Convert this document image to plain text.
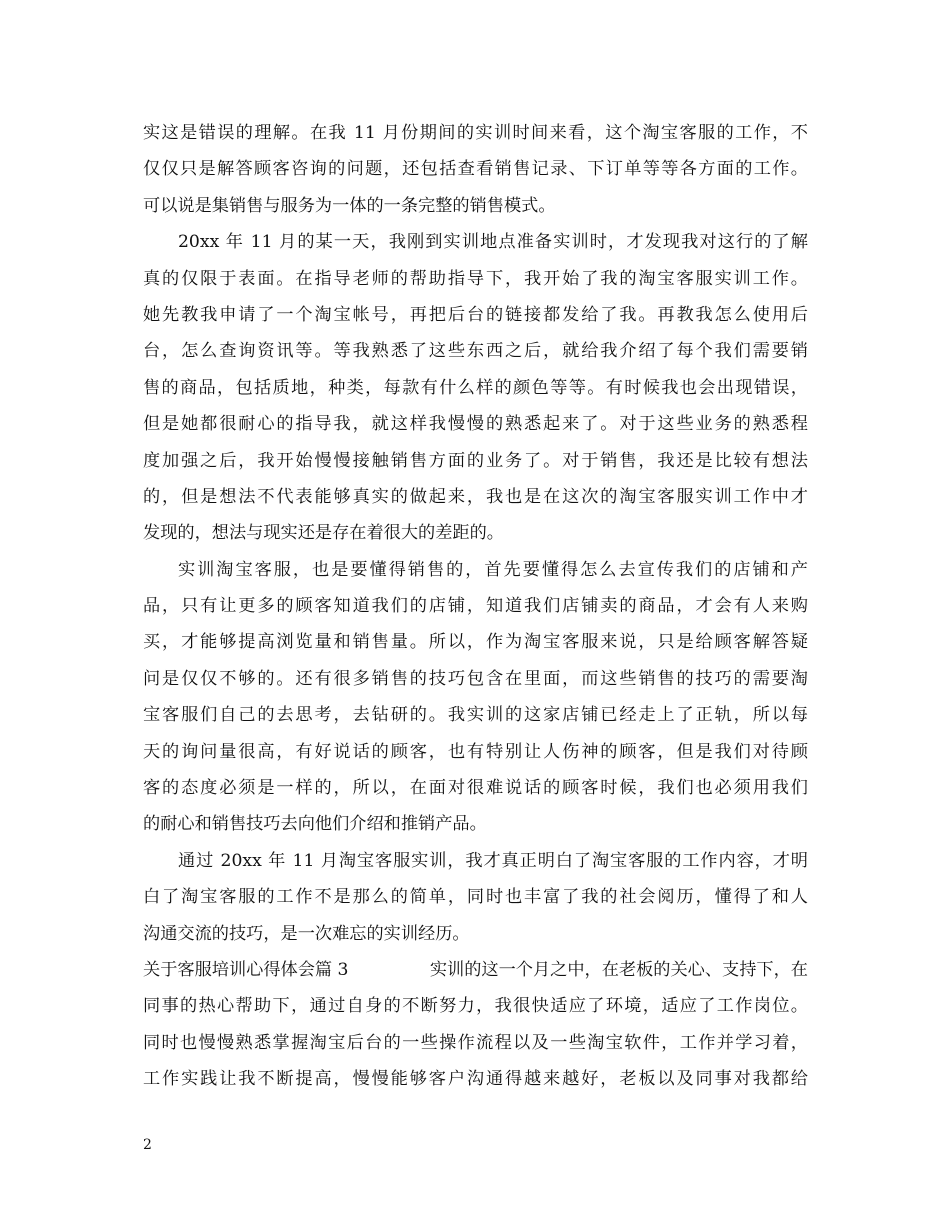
实这是错误的理解。在我 11 月份期间的实训时间来看，这个淘宝客服的工作，不
仅仅只是解答顾客咨询的问题，还包括查看销售记录、下订单等等各方面的工作。
可以说是集销售与服务为一体的一条完整的销售模式。
20xx 年 11 月的某一天，我刚到实训地点准备实训时，才发现我对这行的了解
真的仅限于表面。在指导老师的帮助指导下，我开始了我的淘宝客服实训工作。
她先教我申请了一个淘宝帐号，再把后台的链接都发给了我。再教我怎么使用后
台，怎么查询资讯等。等我熟悉了这些东西之后，就给我介绍了每个我们需要销
售的商品，包括质地，种类，每款有什么样的颜色等等。有时候我也会出现错误，
但是她都很耐心的指导我，就这样我慢慢的熟悉起来了。对于这些业务的熟悉程
度加强之后，我开始慢慢接触销售方面的业务了。对于销售，我还是比较有想法
的，但是想法不代表能够真实的做起来，我也是在这次的淘宝客服实训工作中才
发现的，想法与现实还是存在着很大的差距的。
实训淘宝客服，也是要懂得销售的，首先要懂得怎么去宣传我们的店铺和产
品，只有让更多的顾客知道我们的店铺，知道我们店铺卖的商品，才会有人来购
买，才能够提高浏览量和销售量。所以，作为淘宝客服来说，只是给顾客解答疑
问是仅仅不够的。还有很多销售的技巧包含在里面，而这些销售的技巧的需要淘
宝客服们自己的去思考，去钻研的。我实训的这家店铺已经走上了正轨，所以每
天的询问量很高，有好说话的顾客，也有特别让人伤神的顾客，但是我们对待顾
客的态度必须是一样的，所以，在面对很难说话的顾客时候，我们也必须用我们
的耐心和销售技巧去向他们介绍和推销产品。
通过 20xx 年 11 月淘宝客服实训，我才真正明白了淘宝客服的工作内容，才明
白了淘宝客服的工作不是那么的简单，同时也丰富了我的社会阅历，懂得了和人
沟通交流的技巧，是一次难忘的实训经历。
关于客服培训心得体会篇 3	实训的这一个月之中，在老板的关心、支持下，在
同事的热心帮助下，通过自身的不断努力，我很快适应了环境，适应了工作岗位。
同时也慢慢熟悉掌握淘宝后台的一些操作流程以及一些淘宝软件，工作并学习着，
工作实践让我不断提高，慢慢能够客户沟通得越来越好，老板以及同事对我都给
2
